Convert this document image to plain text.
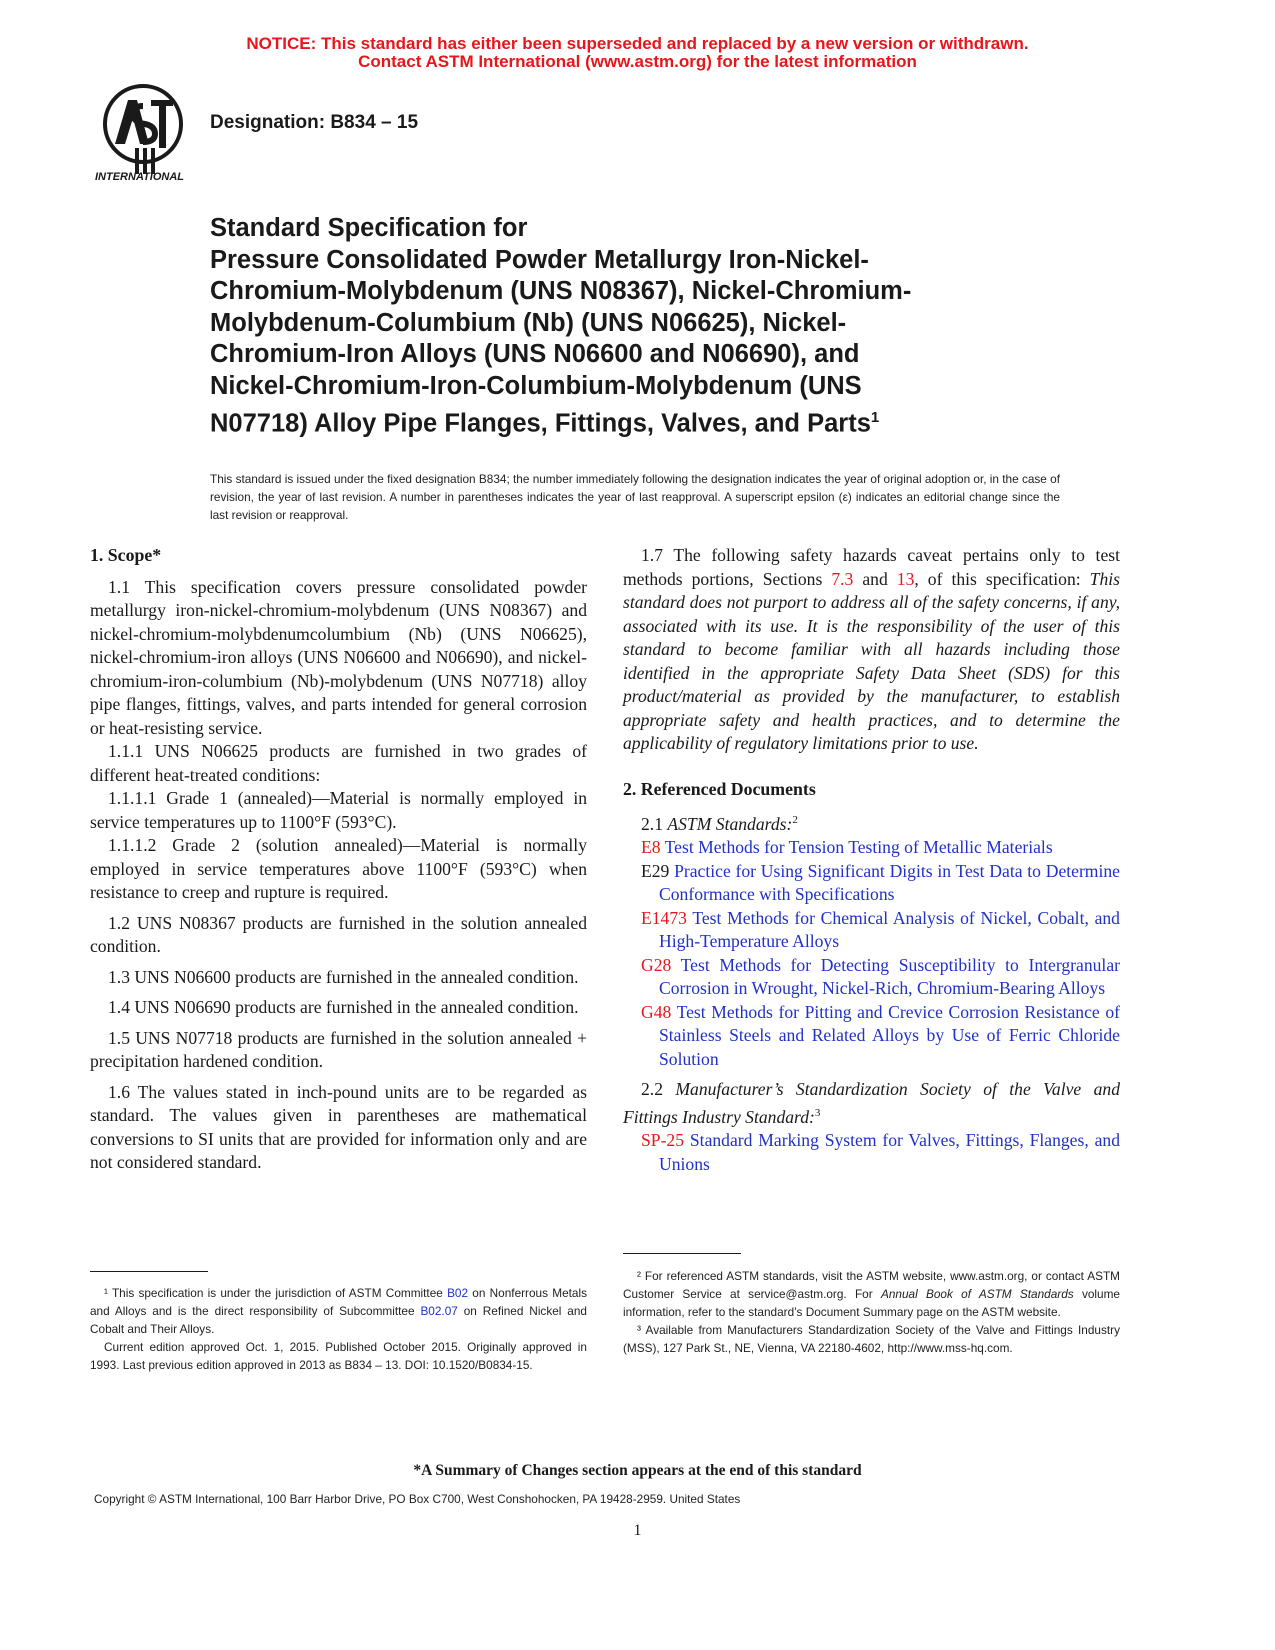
NOTICE: This standard has either been superseded and replaced by a new version or withdrawn.
Contact ASTM International (www.astm.org) for the latest information
INTERNATIONAL
Designation: B834 – 15
Standard Specification for
Pressure Consolidated Powder Metallurgy Iron-Nickel-
Chromium-Molybdenum (UNS N08367), Nickel-Chromium-
Molybdenum-Columbium (Nb) (UNS N06625), Nickel-
Chromium-Iron Alloys (UNS N06600 and N06690), and
Nickel-Chromium-Iron-Columbium-Molybdenum (UNS
N07718) Alloy Pipe Flanges, Fittings, Valves, and Parts$^1$
This standard is issued under the fixed designation B834; the number immediately following the designation indicates the year of original adoption or, in the case of revision, the year of last revision. A number in parentheses indicates the year of last reapproval. A superscript epsilon (ε) indicates an editorial change since the last revision or reapproval.

1. Scope*

1.1 This specification covers pressure consolidated powder metallurgy iron-nickel-chromium-molybdenum (UNS N08367) and nickel-chromium-molybdenumcolumbium (Nb) (UNS N06625), nickel-chromium-iron alloys (UNS N06600 and N06690), and nickel-chromium-iron-columbium (Nb)-molybdenum (UNS N07718) alloy pipe flanges, fittings, valves, and parts intended for general corrosion or heat-resisting service.

1.1.1 UNS N06625 products are furnished in two grades of different heat-treated conditions:

1.1.1.1 Grade 1 (annealed)—Material is normally employed in service temperatures up to 1100°F (593°C).

1.1.1.2 Grade 2 (solution annealed)—Material is normally employed in service temperatures above 1100°F (593°C) when resistance to creep and rupture is required.

1.2 UNS N08367 products are furnished in the solution annealed condition.

1.3 UNS N06600 products are furnished in the annealed condition.

1.4 UNS N06690 products are furnished in the annealed condition.

1.5 UNS N07718 products are furnished in the solution annealed + precipitation hardened condition.

1.6 The values stated in inch-pound units are to be regarded as standard. The values given in parentheses are mathematical conversions to SI units that are provided for information only and are not considered standard.

1.7 The following safety hazards caveat pertains only to test methods portions, Sections 7.3 and 13, of this specification: This standard does not purport to address all of the safety concerns, if any, associated with its use. It is the responsibility of the user of this standard to become familiar with all hazards including those identified in the appropriate Safety Data Sheet (SDS) for this product/material as provided by the manufacturer, to establish appropriate safety and health practices, and to determine the applicability of regulatory limitations prior to use.

2. Referenced Documents

2.1 ASTM Standards:$^2$

E8 Test Methods for Tension Testing of Metallic Materials

E29 Practice for Using Significant Digits in Test Data to Determine Conformance with Specifications

E1473 Test Methods for Chemical Analysis of Nickel, Cobalt, and High-Temperature Alloys

G28 Test Methods for Detecting Susceptibility to Intergranular Corrosion in Wrought, Nickel-Rich, Chromium-Bearing Alloys

G48 Test Methods for Pitting and Crevice Corrosion Resistance of Stainless Steels and Related Alloys by Use of Ferric Chloride Solution

2.2 Manufacturer’s Standardization Society of the Valve and Fittings Industry Standard:$^3$

SP-25 Standard Marking System for Valves, Fittings, Flanges, and Unions

¹ This specification is under the jurisdiction of ASTM Committee B02 on Nonferrous Metals and Alloys and is the direct responsibility of Subcommittee B02.07 on Refined Nickel and Cobalt and Their Alloys.

Current edition approved Oct. 1, 2015. Published October 2015. Originally approved in 1993. Last previous edition approved in 2013 as B834 – 13. DOI: 10.1520/B0834-15.

² For referenced ASTM standards, visit the ASTM website, www.astm.org, or contact ASTM Customer Service at service@astm.org. For Annual Book of ASTM Standards volume information, refer to the standard’s Document Summary page on the ASTM website.

³ Available from Manufacturers Standardization Society of the Valve and Fittings Industry (MSS), 127 Park St., NE, Vienna, VA 22180-4602, http://www.mss-hq.com.

*A Summary of Changes section appears at the end of this standard
Copyright © ASTM International, 100 Barr Harbor Drive, PO Box C700, West Conshohocken, PA 19428-2959. United States
1
